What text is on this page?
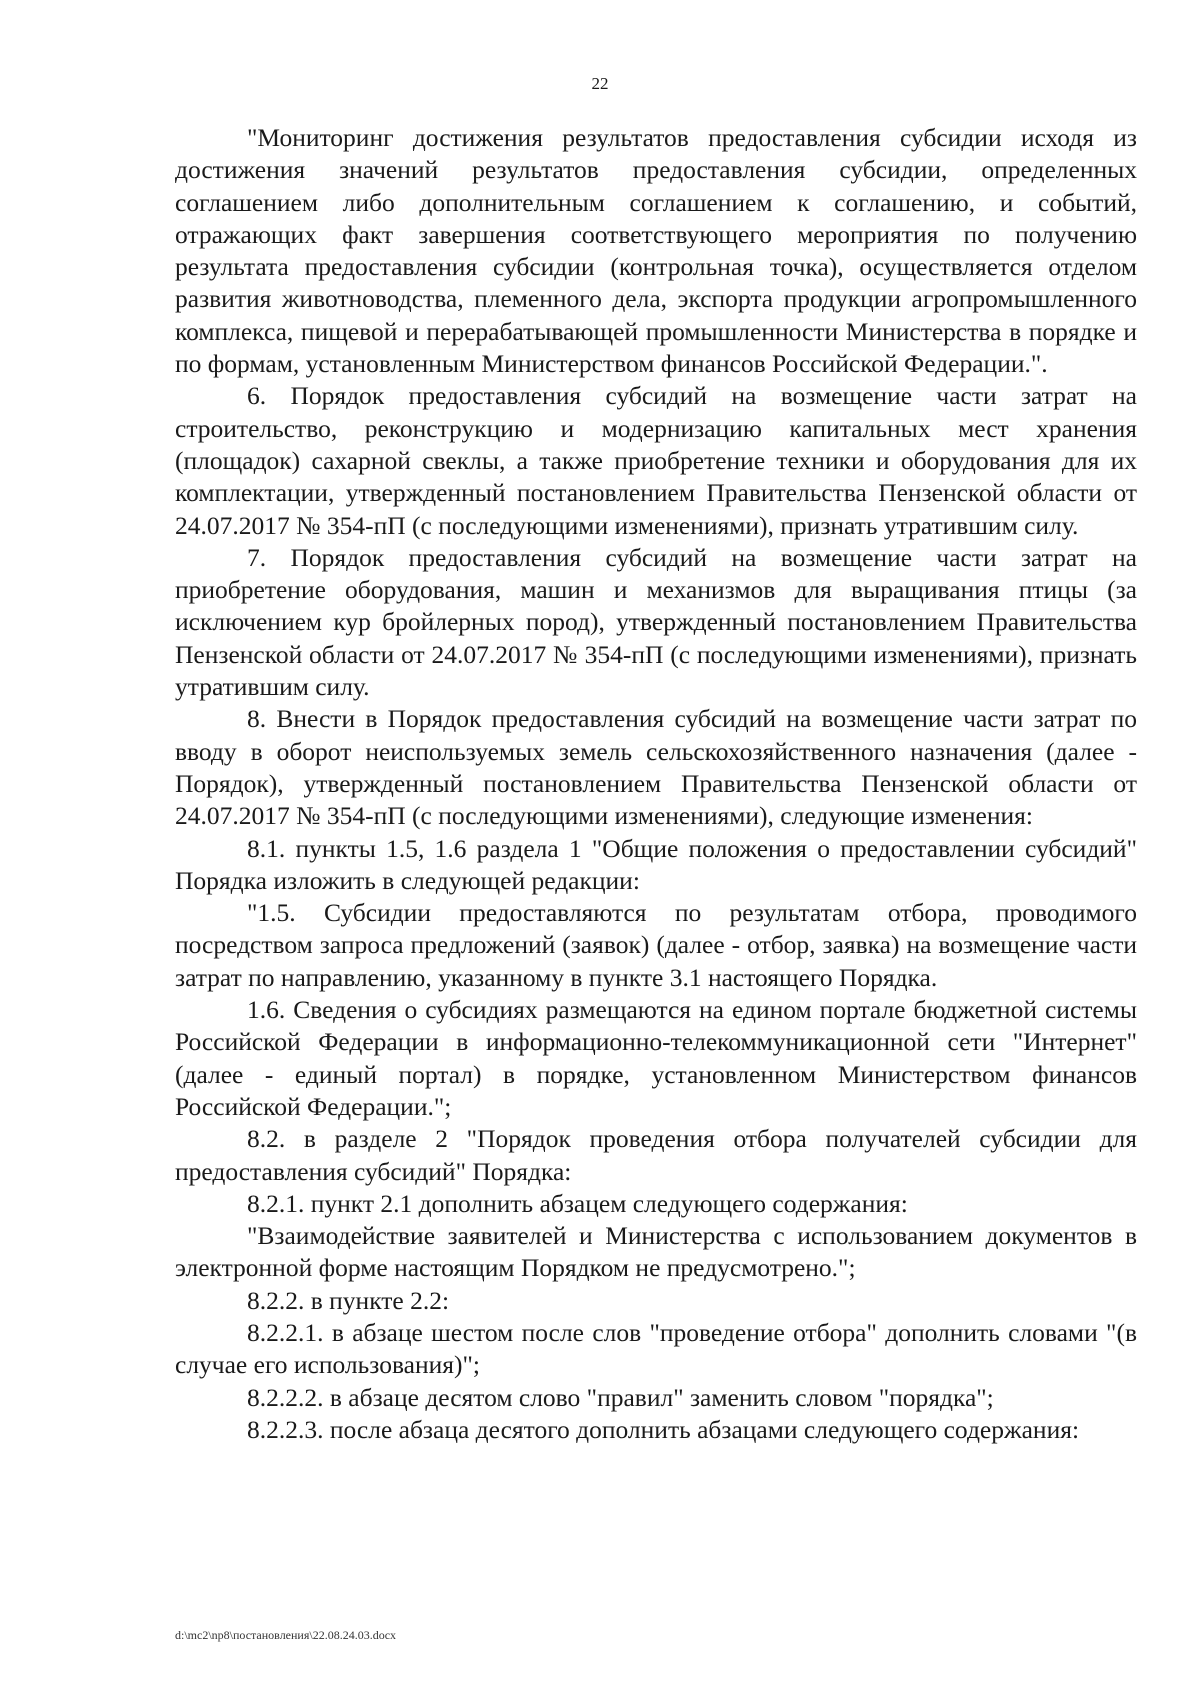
22

"Мониторинг достижения результатов предоставления субсидии исходя из достижения значений результатов предоставления субсидии, определенных соглашением либо дополнительным соглашением к соглашению, и событий, отражающих факт завершения соответствующего мероприятия по получению результата предоставления субсидии (контрольная точка), осуществляется отделом развития животноводства, племенного дела, экспорта продукции агропромышленного комплекса, пищевой и перерабатывающей промышленности Министерства в порядке и по формам, установленным Министерством финансов Российской Федерации.".

6. Порядок предоставления субсидий на возмещение части затрат на строительство, реконструкцию и модернизацию капитальных мест хранения (площадок) сахарной свеклы, а также приобретение техники и оборудования для их комплектации, утвержденный постановлением Правительства Пензенской области от 24.07.2017 № 354-пП (с последующими изменениями), признать утратившим силу.

7. Порядок предоставления субсидий на возмещение части затрат на приобретение оборудования, машин и механизмов для выращивания птицы (за исключением кур бройлерных пород), утвержденный постановлением Правительства Пензенской области от 24.07.2017 № 354-пП (с последующими изменениями), признать утратившим силу.

8. Внести в Порядок предоставления субсидий на возмещение части затрат по вводу в оборот неиспользуемых земель сельскохозяйственного назначения (далее - Порядок), утвержденный постановлением Правительства Пензенской области от 24.07.2017 № 354-пП (с последующими изменениями), следующие изменения:

8.1. пункты 1.5, 1.6 раздела 1 "Общие положения о предоставлении субсидий" Порядка изложить в следующей редакции:

"1.5. Субсидии предоставляются по результатам отбора, проводимого посредством запроса предложений (заявок) (далее - отбор, заявка) на возмещение части затрат по направлению, указанному в пункте 3.1 настоящего Порядка.

1.6. Сведения о субсидиях размещаются на едином портале бюджетной системы Российской Федерации в информационно-телекоммуникационной сети "Интернет" (далее - единый портал) в порядке, установленном Министерством финансов Российской Федерации.";

8.2. в разделе 2 "Порядок проведения отбора получателей субсидии для предоставления субсидий" Порядка:

8.2.1. пункт 2.1 дополнить абзацем следующего содержания:

"Взаимодействие заявителей и Министерства с использованием документов в электронной форме настоящим Порядком не предусмотрено.";

8.2.2. в пункте 2.2:

8.2.2.1. в абзаце шестом после слов "проведение отбора" дополнить словами "(в случае его использования)";

8.2.2.2. в абзаце десятом слово "правил" заменить словом "порядка";

8.2.2.3. после абзаца десятого дополнить абзацами следующего содержания:

d:\mc2\np8\постановления\22.08.24.03.docx
